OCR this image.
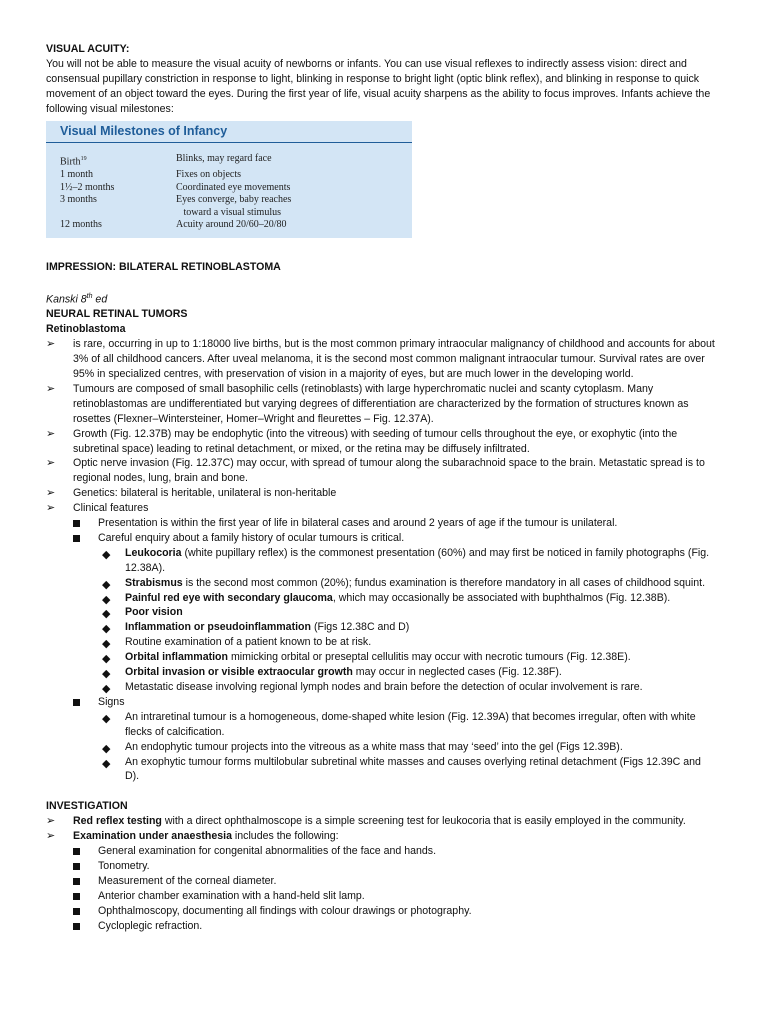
VISUAL ACUITY:

You will not be able to measure the visual acuity of newborns or infants. You can use visual reflexes to indirectly assess vision: direct and consensual pupillary constriction in response to light, blinking in response to bright light (optic blink reflex), and blinking in response to quick movement of an object toward the eyes. During the first year of life, visual acuity sharpens as the ability to focus improves. Infants achieve the following visual milestones:

Visual Milestones of Infancy
Birth$^{19}$	Blinks, may regard face
1 month	Fixes on objects
1½–2 months	Coordinated eye movements
3 months	Eyes converge, baby reaches
toward a visual stimulus
12 months	Acuity around 20/60–20/80

IMPRESSION: BILATERAL RETINOBLASTOMA

Kanski 8th ed

NEURAL RETINAL TUMORS

Retinoblastoma

➢ is rare, occurring in up to 1:18000 live births, but is the most common primary intraocular malignancy of childhood and accounts for about 3% of all childhood cancers. After uveal melanoma, it is the second most common malignant intraocular tumour. Survival rates are over 95% in specialized centres, with preservation of vision in a majority of eyes, but are much lower in the developing world.
➢ Tumours are composed of small basophilic cells (retinoblasts) with large hyperchromatic nuclei and scanty cytoplasm. Many retinoblastomas are undifferentiated but varying degrees of differentiation are characterized by the formation of structures known as rosettes (Flexner–Wintersteiner, Homer–Wright and fleurettes – Fig. 12.37A).
➢ Growth (Fig. 12.37B) may be endophytic (into the vitreous) with seeding of tumour cells throughout the eye, or exophytic (into the subretinal space) leading to retinal detachment, or mixed, or the retina may be diffusely infiltrated.
➢ Optic nerve invasion (Fig. 12.37C) may occur, with spread of tumour along the subarachnoid space to the brain. Metastatic spread is to regional nodes, lung, brain and bone.
➢ Genetics: bilateral is heritable, unilateral is non-heritable
➢ Clinical features
Presentation is within the first year of life in bilateral cases and around 2 years of age if the tumour is unilateral.
Careful enquiry about a family history of ocular tumours is critical.
◆ Leukocoria (white pupillary reflex) is the commonest presentation (60%) and may first be noticed in family photographs (Fig. 12.38A).
◆ Strabismus is the second most common (20%); fundus examination is therefore mandatory in all cases of childhood squint.
◆ Painful red eye with secondary glaucoma, which may occasionally be associated with buphthalmos (Fig. 12.38B).
◆ Poor vision
◆ Inflammation or pseudoinflammation (Figs 12.38C and D)
◆ Routine examination of a patient known to be at risk.
◆ Orbital inflammation mimicking orbital or preseptal cellulitis may occur with necrotic tumours (Fig. 12.38E).
◆ Orbital invasion or visible extraocular growth may occur in neglected cases (Fig. 12.38F).
◆ Metastatic disease involving regional lymph nodes and brain before the detection of ocular involvement is rare.
Signs
◆ An intraretinal tumour is a homogeneous, dome-shaped white lesion (Fig. 12.39A) that becomes irregular, often with white flecks of calcification.
◆ An endophytic tumour projects into the vitreous as a white mass that may ‘seed’ into the gel (Figs 12.39B).
◆ An exophytic tumour forms multilobular subretinal white masses and causes overlying retinal detachment (Figs 12.39C and D).

INVESTIGATION

➢ Red reflex testing with a direct ophthalmoscope is a simple screening test for leukocoria that is easily employed in the community.
➢ Examination under anaesthesia includes the following:
General examination for congenital abnormalities of the face and hands.
Tonometry.
Measurement of the corneal diameter.
Anterior chamber examination with a hand-held slit lamp.
Ophthalmoscopy, documenting all findings with colour drawings or photography.
Cycloplegic refraction.
